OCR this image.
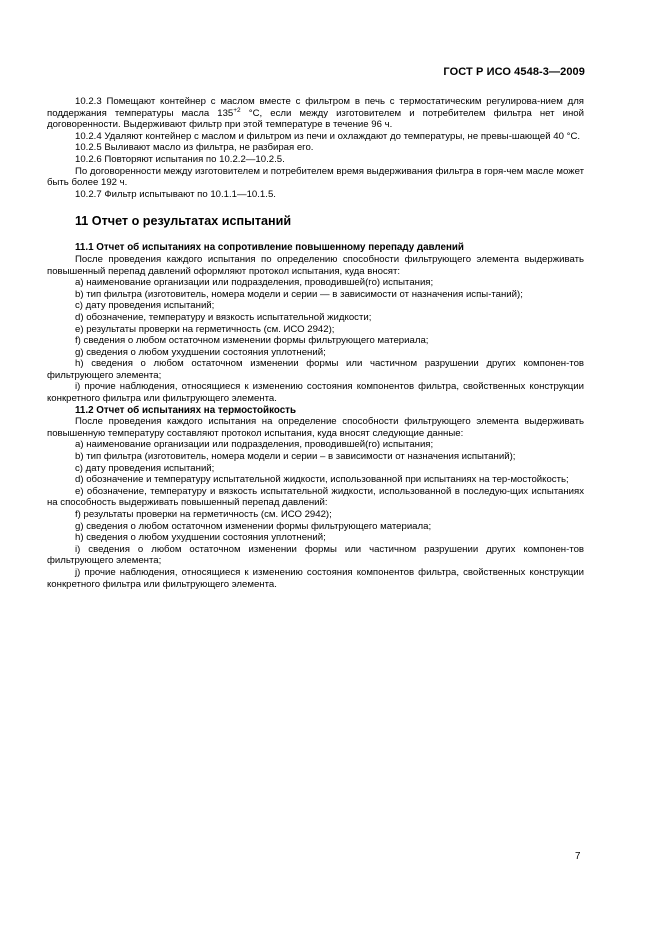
ГОСТ Р ИСО 4548-3—2009

10.2.3 Помещают контейнер с маслом вместе с фильтром в печь с термостатическим регулирова-нием для поддержания температуры масла $135^{+2}$ °С, если между изготовителем и потребителем фильтра нет иной договоренности. Выдерживают фильтр при этой температуре в течение 96 ч.

10.2.4 Удаляют контейнер с маслом и фильтром из печи и охлаждают до температуры, не превы-шающей 40 °С.

10.2.5 Выливают масло из фильтра, не разбирая его.

10.2.6 Повторяют испытания по 10.2.2—10.2.5.

По договоренности между изготовителем и потребителем время выдерживания фильтра в горя-чем масле может быть более 192 ч.

10.2.7 Фильтр испытывают по 10.1.1—10.1.5.

11 Отчет о результатах испытаний
11.1 Отчет об испытаниях на сопротивление повышенному перепаду давлений

После проведения каждого испытания по определению способности фильтрующего элемента выдерживать повышенный перепад давлений оформляют протокол испытания, куда вносят:

a) наименование организации или подразделения, проводившей(го) испытания;

b) тип фильтра (изготовитель, номера модели и серии — в зависимости от назначения испы-таний);

c) дату проведения испытаний;

d) обозначение, температуру и вязкость испытательной жидкости;

e) результаты проверки на герметичность (см. ИСО 2942);

f) сведения о любом остаточном изменении формы фильтрующего материала;

g) сведения о любом ухудшении состояния уплотнений;

h) сведения о любом остаточном изменении формы или частичном разрушении других компонен-тов фильтрующего элемента;

i) прочие наблюдения, относящиеся к изменению состояния компонентов фильтра, свойственных конструкции конкретного фильтра или фильтрующего элемента.

11.2 Отчет об испытаниях на термостойкость

После проведения каждого испытания на определение способности фильтрующего элемента выдерживать повышенную температуру составляют протокол испытания, куда вносят следующие данные:

a) наименование организации или подразделения, проводившей(го) испытания;

b) тип фильтра (изготовитель, номера модели и серии – в зависимости от назначения испытаний);

c) дату проведения испытаний;

d) обозначение и температуру испытательной жидкости, использованной при испытаниях на тер-мостойкость;

e) обозначение, температуру и вязкость испытательной жидкости, использованной в последую-щих испытаниях на способность выдерживать повышенный перепад давлений:

f) результаты проверки на герметичность (см. ИСО 2942);

g) сведения о любом остаточном изменении формы фильтрующего материала;

h) сведения о любом ухудшении состояния уплотнений;

i) сведения о любом остаточном изменении формы или частичном разрушении других компонен-тов фильтрующего элемента;

j) прочие наблюдения, относящиеся к изменению состояния компонентов фильтра, свойственных конструкции конкретного фильтра или фильтрующего элемента.

7
